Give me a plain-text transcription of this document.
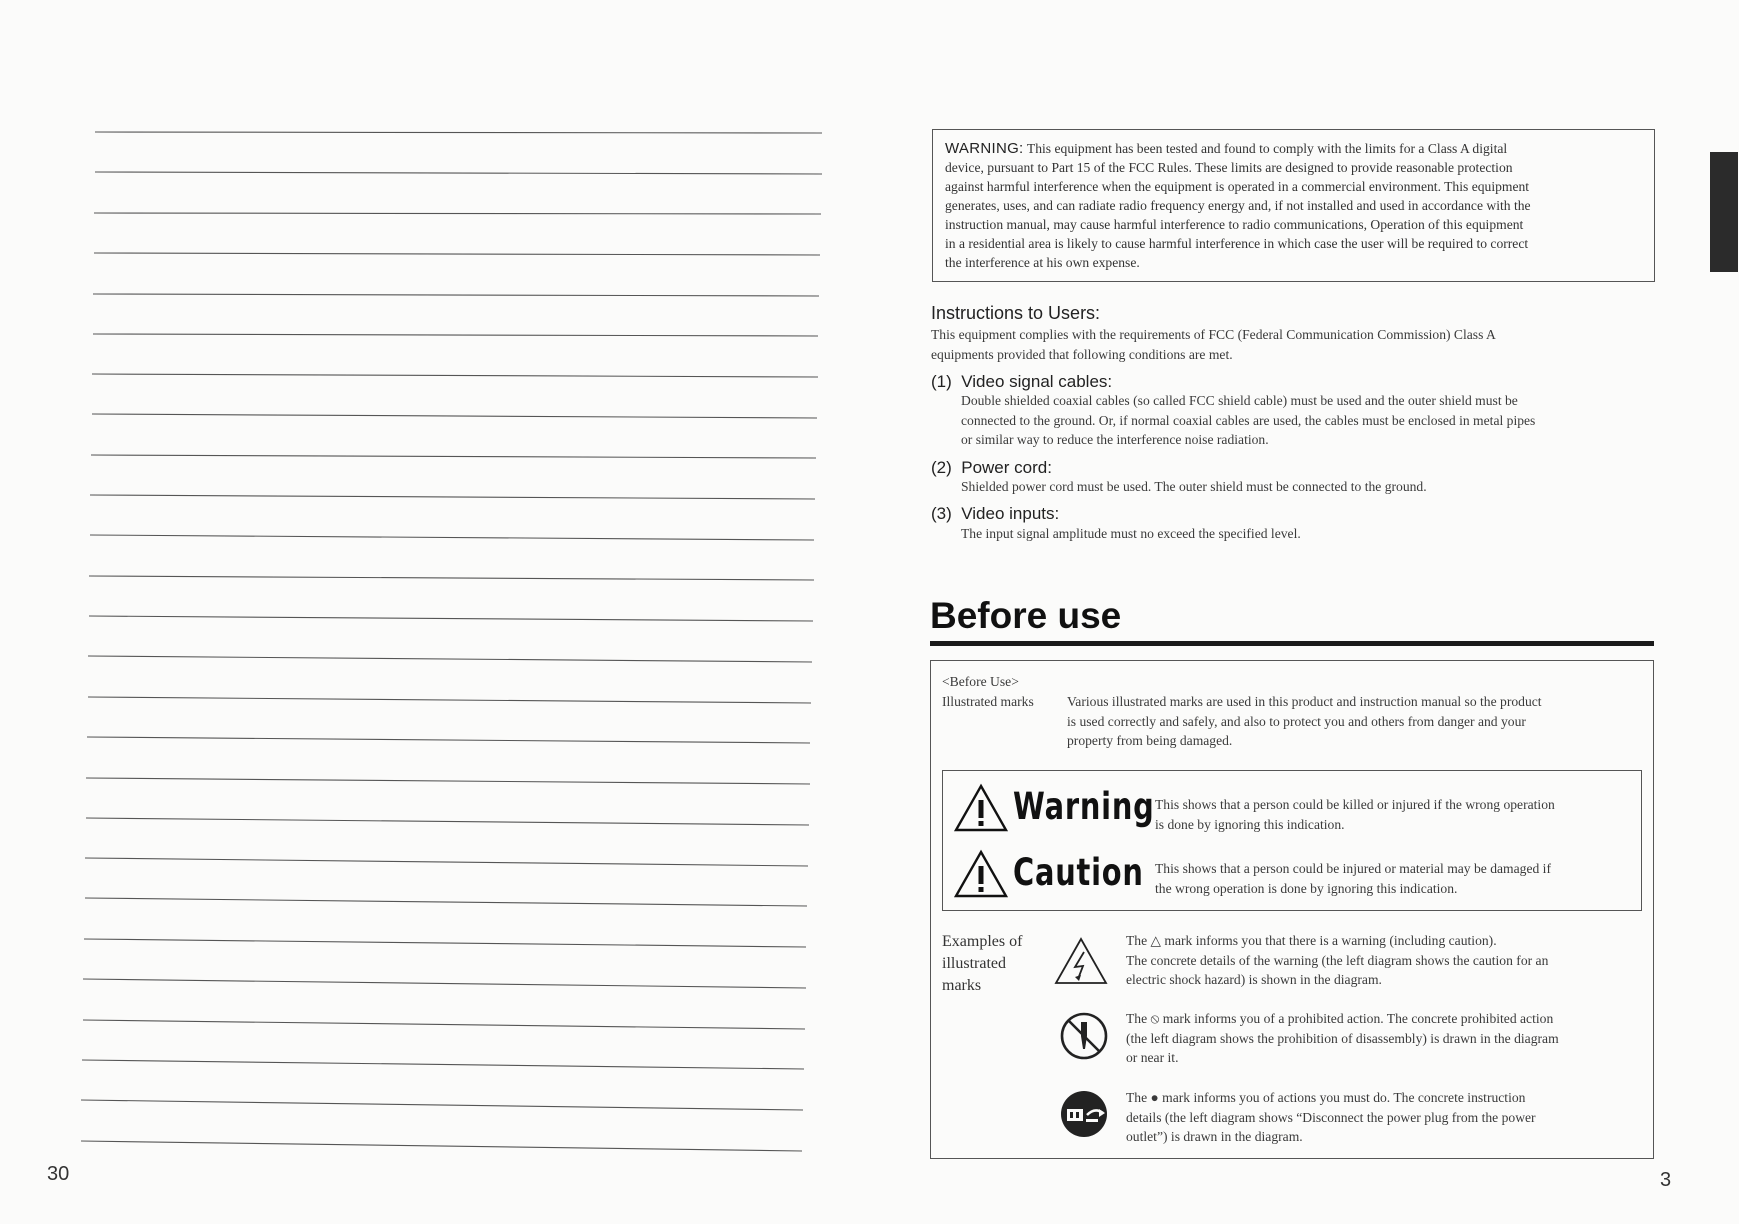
30
WARNING: This equipment has been tested and found to comply with the limits for a Class A digital
device, pursuant to Part 15 of the FCC Rules. These limits are designed to provide reasonable protection
against harmful interference when the equipment is operated in a commercial environment. This equipment
generates, uses, and can radiate radio frequency energy and, if not installed and used in accordance with the
instruction manual, may cause harmful interference to radio communications, Operation of this equipment
in a residential area is likely to cause harmful interference in which case the user will be required to correct
the interference at his own expense.
Instructions to Users:
This equipment complies with the requirements of FCC (Federal Communication Commission) Class A
equipments provided that following conditions are met.
(1) Video signal cables:
Double shielded coaxial cables (so called FCC shield cable) must be used and the outer shield must be
connected to the ground. Or, if normal coaxial cables are used, the cables must be enclosed in metal pipes
or similar way to reduce the interference noise radiation.
(2) Power cord:
Shielded power cord must be used. The outer shield must be connected to the ground.
(3) Video inputs:
The input signal amplitude must no exceed the specified level.
Before use
<Before Use>
Illustrated marks Various illustrated marks are used in this product and instruction manual so the product
is used correctly and safely, and also to protect you and others from danger and your
property from being damaged.
Warning This shows that a person could be killed or injured if the wrong operation
is done by ignoring this indication.
Caution This shows that a person could be injured or material may be damaged if
the wrong operation is done by ignoring this indication.
Examples of
illustrated
marks
The △ mark informs you that there is a warning (including caution).
The concrete details of the warning (the left diagram shows the caution for an
electric shock hazard) is shown in the diagram.
The ⦸ mark informs you of a prohibited action. The concrete prohibited action
(the left diagram shows the prohibition of disassembly) is drawn in the diagram
or near it.
The ● mark informs you of actions you must do. The concrete instruction
details (the left diagram shows “Disconnect the power plug from the power
outlet”) is drawn in the diagram.
3
